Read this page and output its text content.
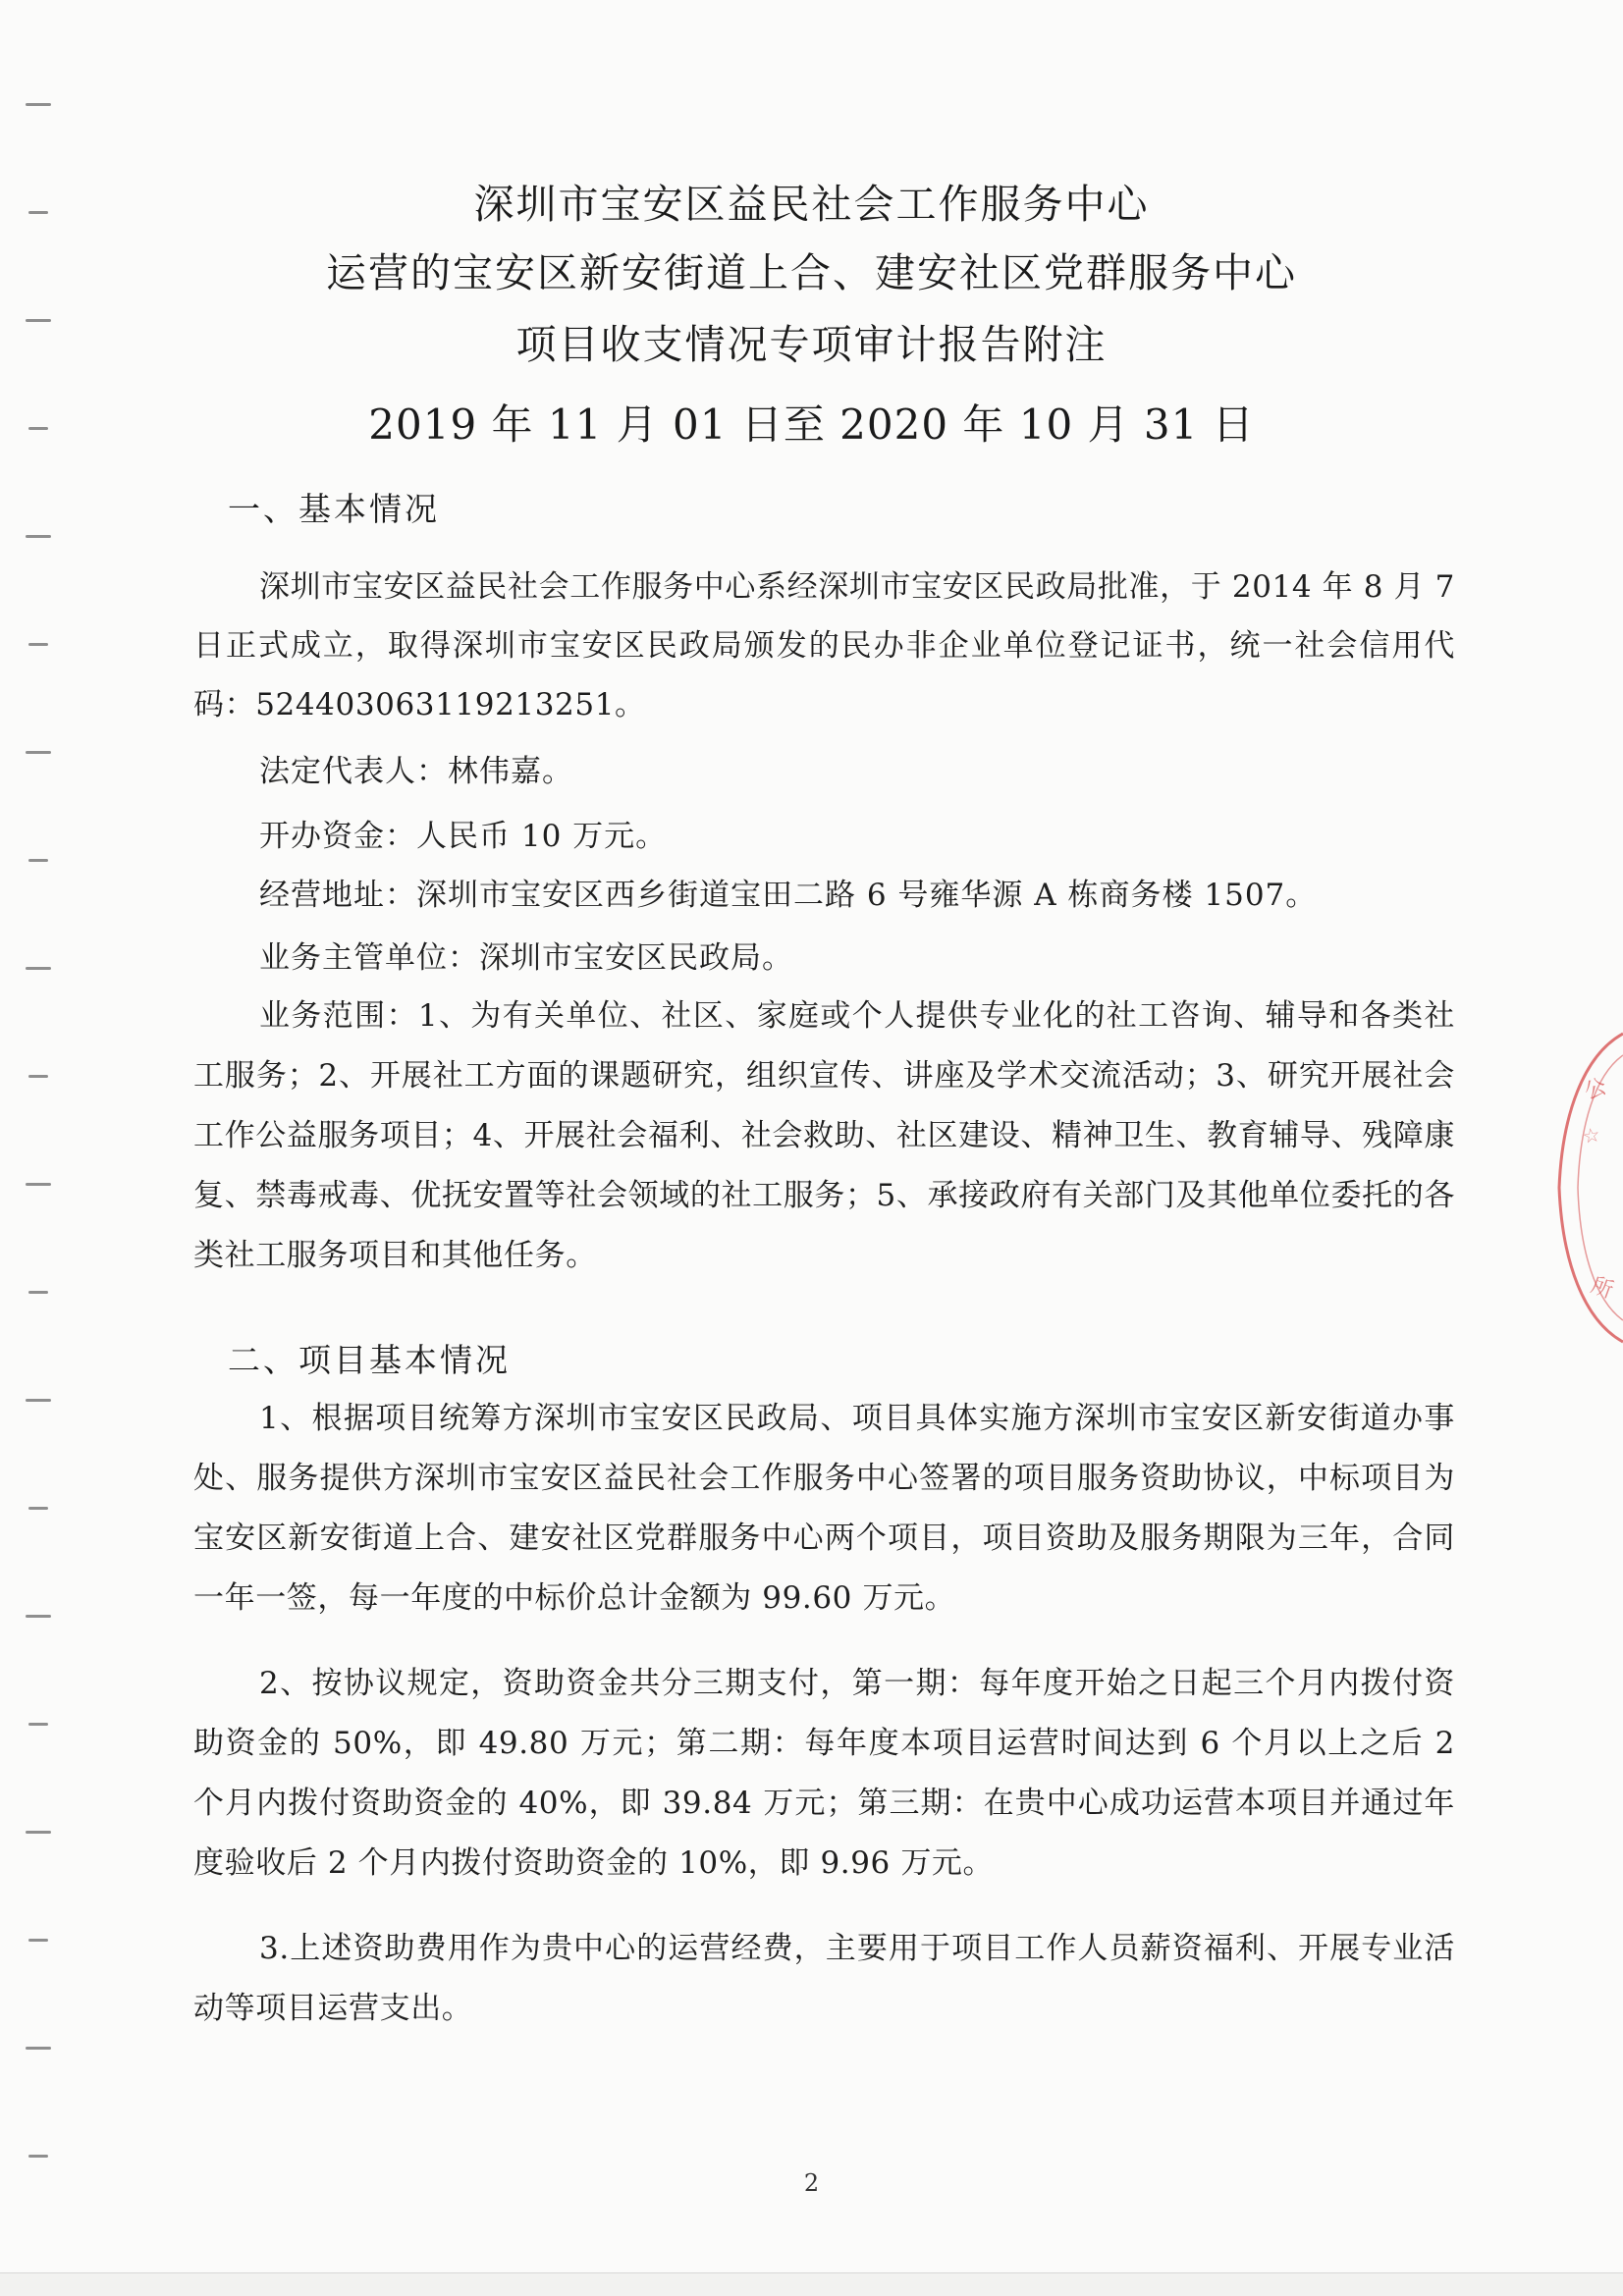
公
☆
所
深圳市宝安区益民社会工作服务中心
运营的宝安区新安街道上合、建安社区党群服务中心
项目收支情况专项审计报告附注
2019 年 11 月 01 日至 2020 年 10 月 31 日
一、基本情况
深圳市宝安区益民社会工作服务中心系经深圳市宝安区民政局批准，于 2014 年 8 月 7 日正式成立，取得深圳市宝安区民政局颁发的民办非企业单位登记证书，统一社会信用代码：524403063119213251。
法定代表人：林伟嘉。
开办资金：人民币 10 万元。
经营地址：深圳市宝安区西乡街道宝田二路 6 号雍华源 A 栋商务楼 1507。
业务主管单位：深圳市宝安区民政局。
业务范围：1、为有关单位、社区、家庭或个人提供专业化的社工咨询、辅导和各类社工服务；2、开展社工方面的课题研究，组织宣传、讲座及学术交流活动；3、研究开展社会工作公益服务项目；4、开展社会福利、社会救助、社区建设、精神卫生、教育辅导、残障康复、禁毒戒毒、优抚安置等社会领域的社工服务；5、承接政府有关部门及其他单位委托的各类社工服务项目和其他任务。
二、项目基本情况
1、根据项目统筹方深圳市宝安区民政局、项目具体实施方深圳市宝安区新安街道办事处、服务提供方深圳市宝安区益民社会工作服务中心签署的项目服务资助协议，中标项目为宝安区新安街道上合、建安社区党群服务中心两个项目，项目资助及服务期限为三年，合同一年一签，每一年度的中标价总计金额为 99.60 万元。
2、按协议规定，资助资金共分三期支付，第一期：每年度开始之日起三个月内拨付资助资金的 50%，即 49.80 万元；第二期：每年度本项目运营时间达到 6 个月以上之后 2 个月内拨付资助资金的 40%，即 39.84 万元；第三期：在贵中心成功运营本项目并通过年度验收后 2 个月内拨付资助资金的 10%，即 9.96 万元。
3.上述资助费用作为贵中心的运营经费，主要用于项目工作人员薪资福利、开展专业活动等项目运营支出。
2
